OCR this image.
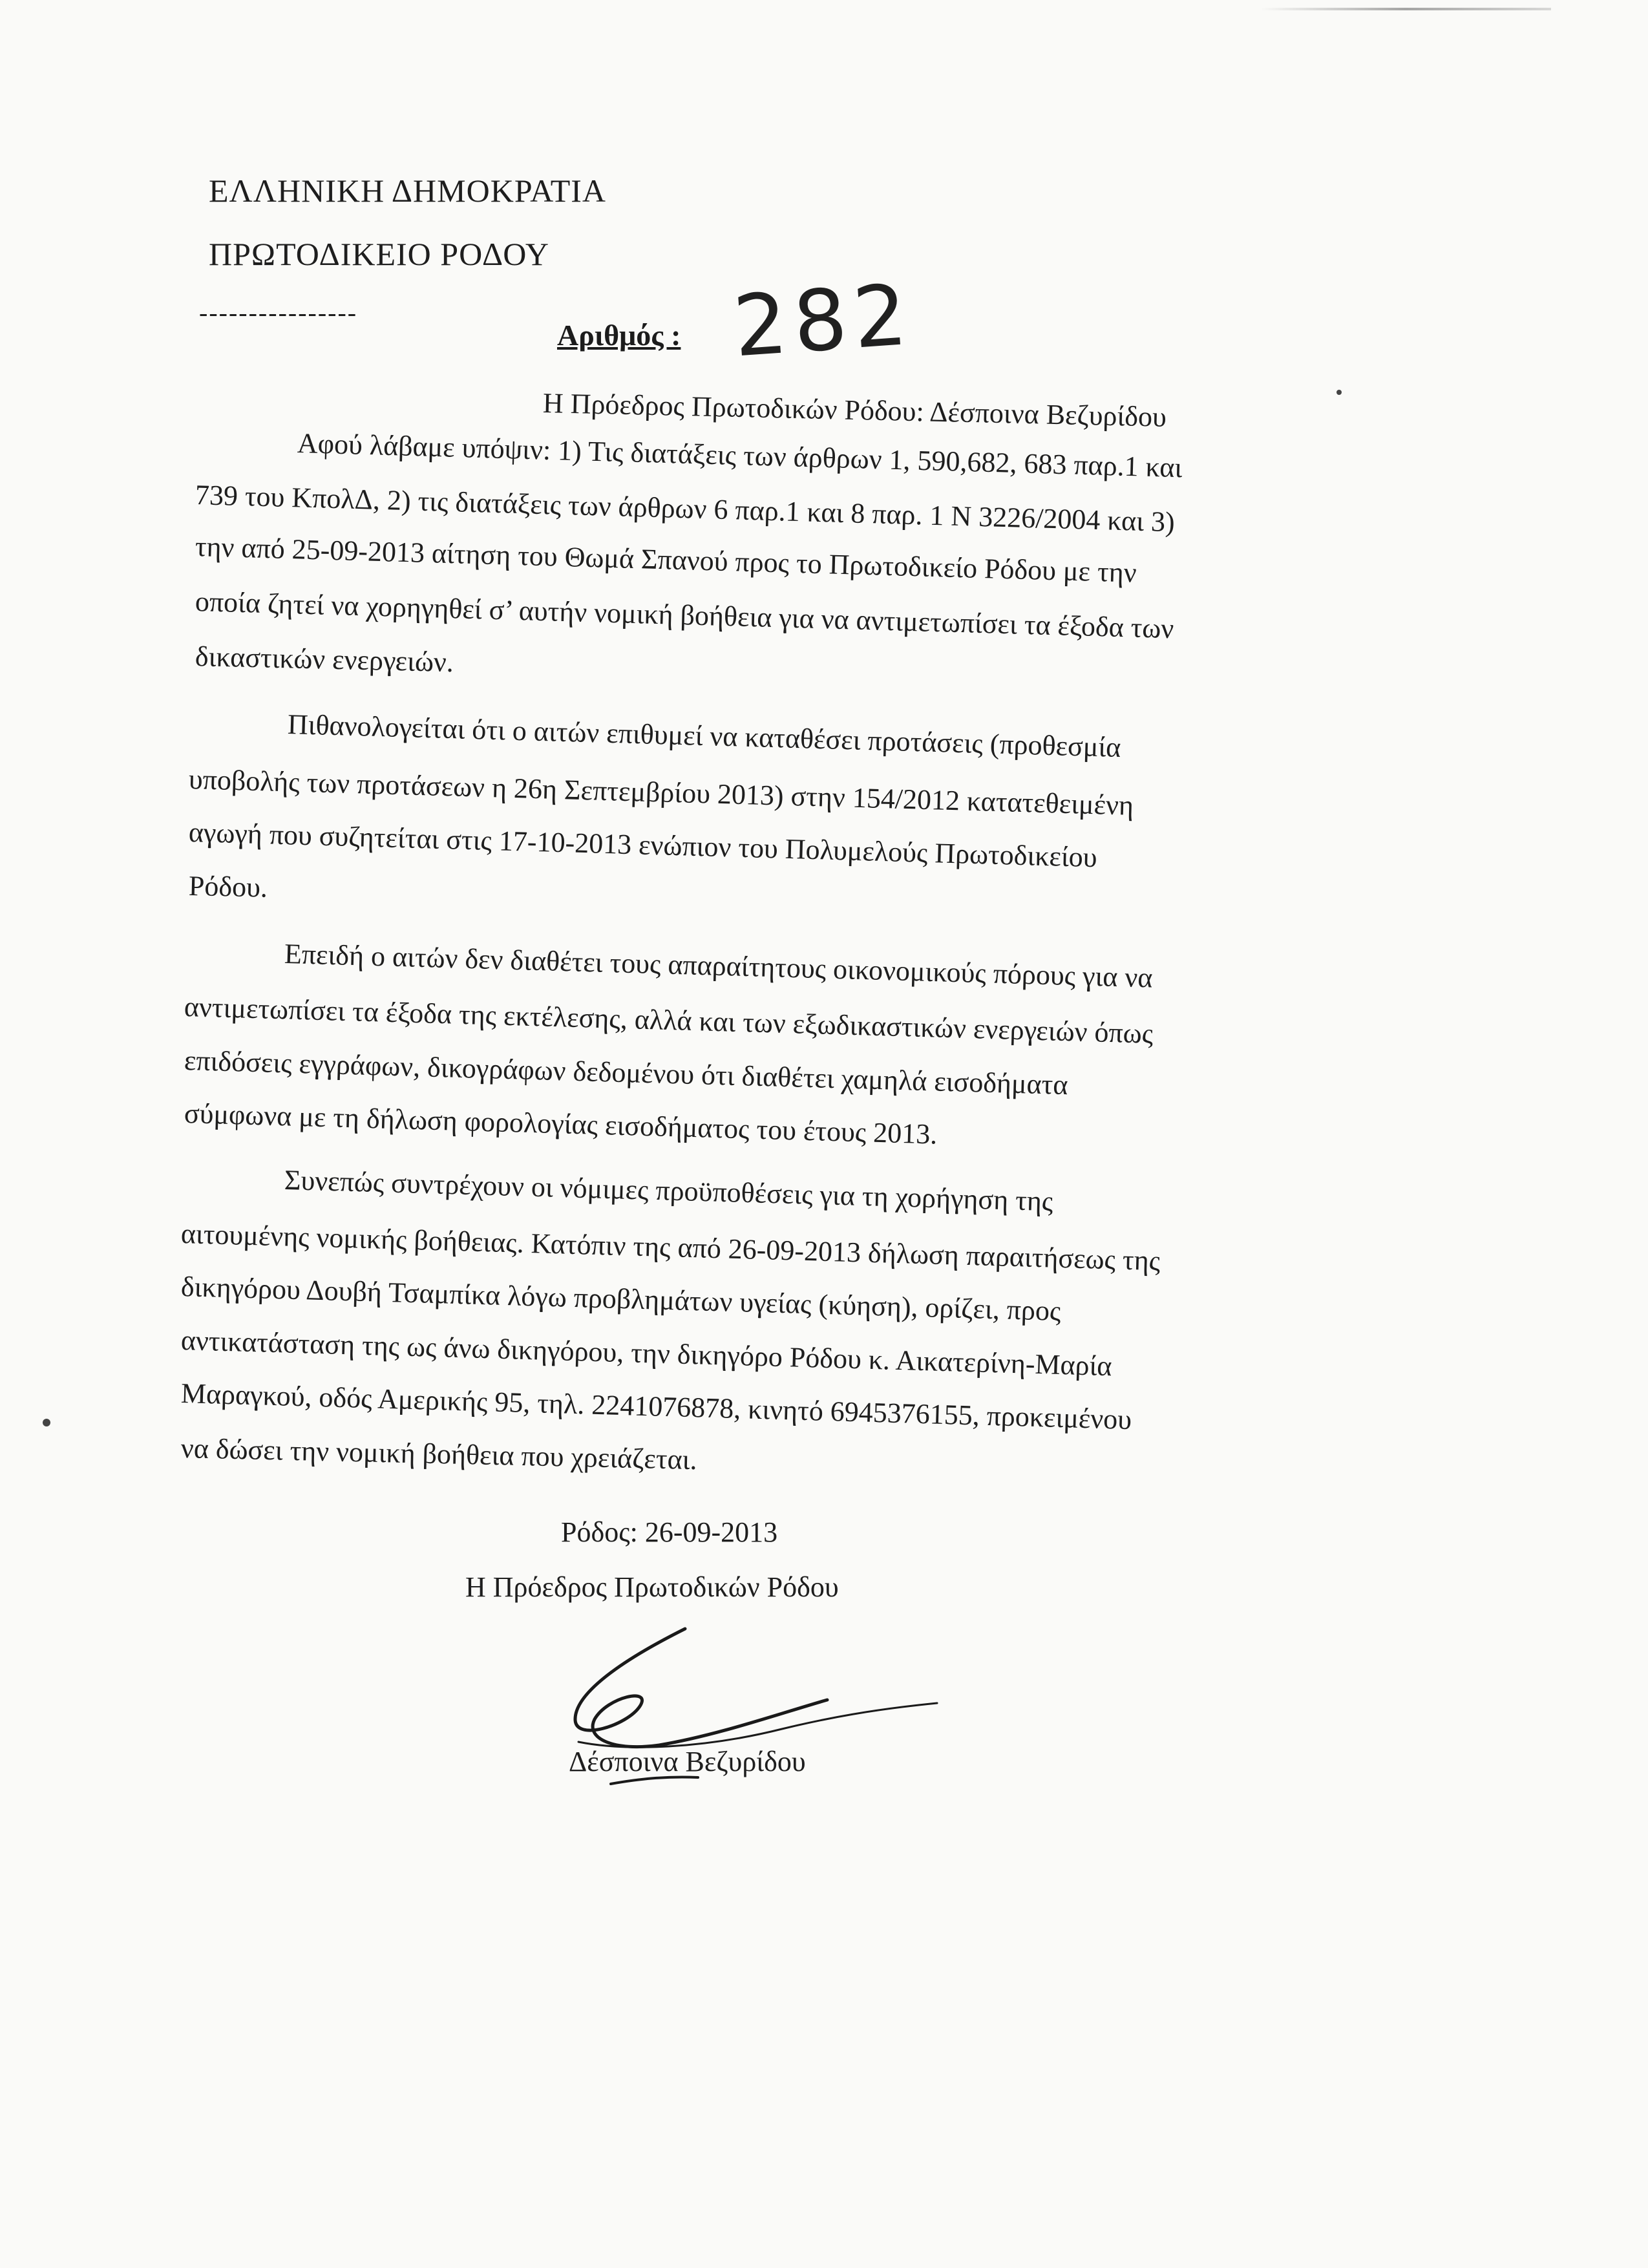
ΕΛΛΗΝΙΚΗ ΔΗΜΟΚΡΑΤΙΑ
ΠΡΩΤΟΔΙΚΕΙΟ ΡΟΔΟΥ
----------------
Αριθμός : 282
Η Πρόεδρος Πρωτοδικών Ρόδου: Δέσποινα Βεζυρίδου
Αφού λάβαμε υπόψιν: 1) Τις διατάξεις των άρθρων 1, 590,682, 683 παρ.1 και
739 του ΚπολΔ, 2) τις διατάξεις των άρθρων 6 παρ.1 και 8 παρ. 1 Ν 3226/2004 και 3)
την από 25-09-2013 αίτηση του Θωμά Σπανού προς το Πρωτοδικείο Ρόδου με την
οποία ζητεί να χορηγηθεί σ’ αυτήν νομική βοήθεια για να αντιμετωπίσει τα έξοδα των
δικαστικών ενεργειών.
Πιθανολογείται ότι ο αιτών επιθυμεί να καταθέσει προτάσεις (προθεσμία
υποβολής των προτάσεων η 26η Σεπτεμβρίου 2013) στην 154/2012 κατατεθειμένη
αγωγή που συζητείται στις 17-10-2013 ενώπιον του Πολυμελούς Πρωτοδικείου
Ρόδου.
Επειδή ο αιτών δεν διαθέτει τους απαραίτητους οικονομικούς πόρους για να
αντιμετωπίσει τα έξοδα της εκτέλεσης, αλλά και των εξωδικαστικών ενεργειών όπως
επιδόσεις εγγράφων, δικογράφων δεδομένου ότι διαθέτει χαμηλά εισοδήματα
σύμφωνα με τη δήλωση φορολογίας εισοδήματος του έτους 2013.
Συνεπώς συντρέχουν οι νόμιμες προϋποθέσεις για τη χορήγηση της
αιτουμένης νομικής βοήθειας. Κατόπιν της από 26-09-2013 δήλωση παραιτήσεως της
δικηγόρου Δουβή Τσαμπίκα λόγω προβλημάτων υγείας (κύηση), ορίζει, προς
αντικατάσταση της ως άνω δικηγόρου, την δικηγόρο Ρόδου κ. Αικατερίνη-Μαρία
Μαραγκού, οδός Αμερικής 95, τηλ. 2241076878, κινητό 6945376155, προκειμένου
να δώσει την νομική βοήθεια που χρειάζεται.
Ρόδος: 26-09-2013
Η Πρόεδρος Πρωτοδικών Ρόδου
Δέσποινα Βεζυρίδου
